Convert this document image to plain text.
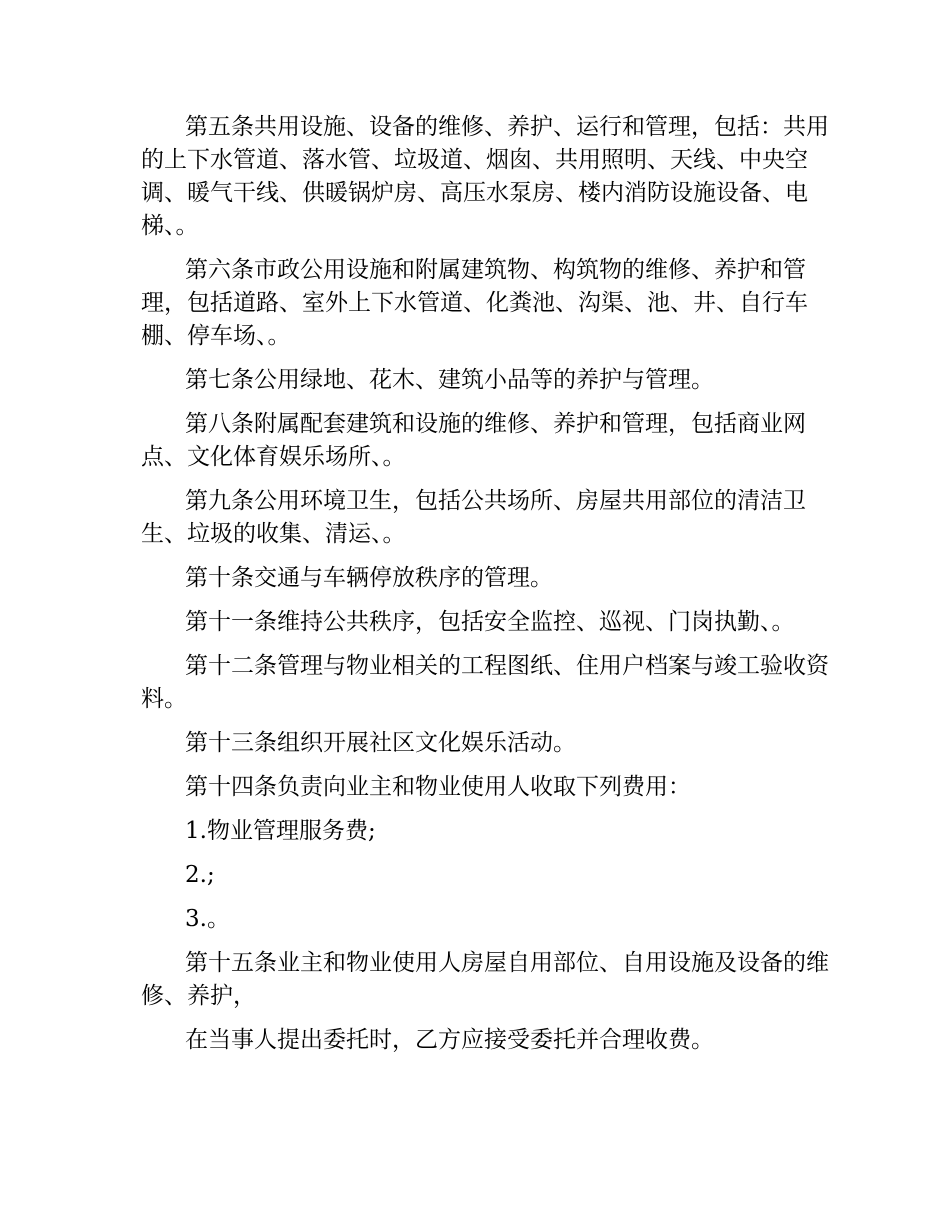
第五条共用设施、设备的维修、养护、运行和管理，包括：共用的上下水管道、落水管、垃圾道、烟囱、共用照明、天线、中央空调、暖气干线、供暖锅炉房、高压水泵房、楼内消防设施设备、电梯、。

第六条市政公用设施和附属建筑物、构筑物的维修、养护和管理，包括道路、室外上下水管道、化粪池、沟渠、池、井、自行车棚、停车场、。

第七条公用绿地、花木、建筑小品等的养护与管理。

第八条附属配套建筑和设施的维修、养护和管理，包括商业网点、文化体育娱乐场所、。

第九条公用环境卫生，包括公共场所、房屋共用部位的清洁卫生、垃圾的收集、清运、。

第十条交通与车辆停放秩序的管理。

第十一条维持公共秩序，包括安全监控、巡视、门岗执勤、。

第十二条管理与物业相关的工程图纸、住用户档案与竣工验收资料。

第十三条组织开展社区文化娱乐活动。

第十四条负责向业主和物业使用人收取下列费用：

1.物业管理服务费;

2.;

3.。

第十五条业主和物业使用人房屋自用部位、自用设施及设备的维修、养护，

在当事人提出委托时，乙方应接受委托并合理收费。
